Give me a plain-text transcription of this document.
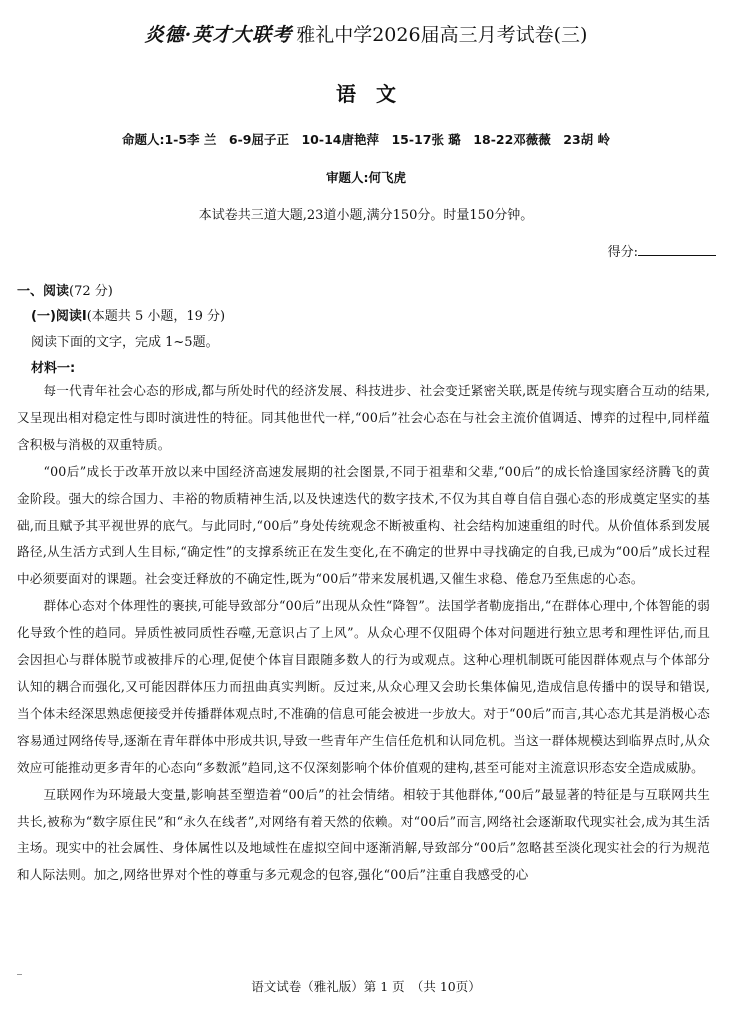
炎德·英才大联考 雅礼中学2026届高三月考试卷(三)
语　文
命题人:1-5李 兰　6-9屈子正　10-14唐艳萍　15-17张 璐　18-22邓薇薇　23胡 岭
审题人:何飞虎
本试卷共三道大题,23道小题,满分150分。时量150分钟。
得分:
一、阅读(72 分)
(一)阅读Ⅰ(本题共 5 小题，19 分)
阅读下面的文字，完成 1~5题。
材料一:

每一代青年社会心态的形成,都与所处时代的经济发展、科技进步、社会变迁紧密关联,既是传统与现实磨合互动的结果,又呈现出相对稳定性与即时演进性的特征。同其他世代一样,“00后”社会心态在与社会主流价值调适、博弈的过程中,同样蕴含积极与消极的双重特质。

“00后”成长于改革开放以来中国经济高速发展期的社会图景,不同于祖辈和父辈,“00后”的成长恰逢国家经济腾飞的黄金阶段。强大的综合国力、丰裕的物质精神生活,以及快速迭代的数字技术,不仅为其自尊自信自强心态的形成奠定坚实的基础,而且赋予其平视世界的底气。与此同时,“00后”身处传统观念不断被重构、社会结构加速重组的时代。从价值体系到发展路径,从生活方式到人生目标,“确定性”的支撑系统正在发生变化,在不确定的世界中寻找确定的自我,已成为“00后”成长过程中必须要面对的课题。社会变迁释放的不确定性,既为“00后”带来发展机遇,又催生求稳、倦怠乃至焦虑的心态。

群体心态对个体理性的裹挟,可能导致部分“00后”出现从众性“降智”。法国学者勒庞指出,“在群体心理中,个体智能的弱化导致个性的趋同。异质性被同质性吞噬,无意识占了上风”。从众心理不仅阻碍个体对问题进行独立思考和理性评估,而且会因担心与群体脱节或被排斥的心理,促使个体盲目跟随多数人的行为或观点。这种心理机制既可能因群体观点与个体部分认知的耦合而强化,又可能因群体压力而扭曲真实判断。反过来,从众心理又会助长集体偏见,造成信息传播中的误导和错误,当个体未经深思熟虑便接受并传播群体观点时,不准确的信息可能会被进一步放大。对于“00后”而言,其心态尤其是消极心态容易通过网络传导,逐渐在青年群体中形成共识,导致一些青年产生信任危机和认同危机。当这一群体规模达到临界点时,从众效应可能推动更多青年的心态向“多数派”趋同,这不仅深刻影响个体价值观的建构,甚至可能对主流意识形态安全造成威胁。

互联网作为环境最大变量,影响甚至塑造着“00后”的社会情绪。相较于其他群体,“00后”最显著的特征是与互联网共生共长,被称为“数字原住民”和“永久在线者”,对网络有着天然的依赖。对“00后”而言,网络社会逐渐取代现实社会,成为其生活主场。现实中的社会属性、身体属性以及地域性在虚拟空间中逐渐消解,导致部分“00后”忽略甚至淡化现实社会的行为规范和人际法则。加之,网络世界对个性的尊重与多元观念的包容,强化“00后”注重自我感受的心

语文试卷（雅礼版）第 1 页　（共 10页）
